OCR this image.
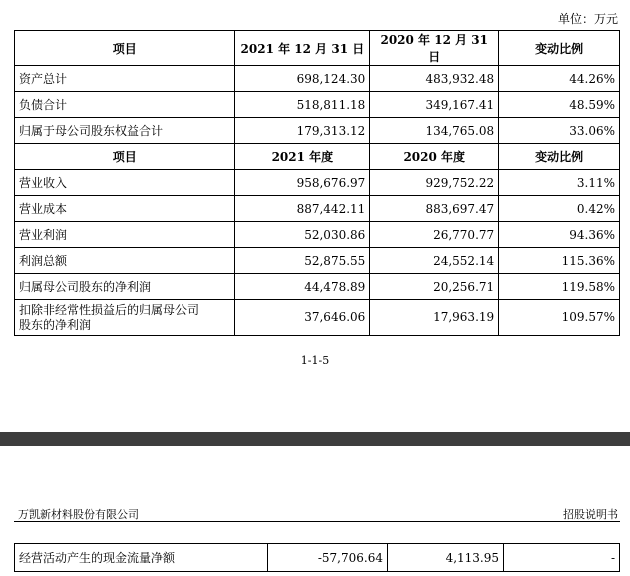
单位：万元
项目	2021 年 12 月 31 日	2020 年 12 月 31 日	变动比例
资产总计	698,124.30	483,932.48	44.26%
负债合计	518,811.18	349,167.41	48.59%
归属于母公司股东权益合计	179,313.12	134,765.08	33.06%
项目	2021 年度	2020 年度	变动比例
营业收入	958,676.97	929,752.22	3.11%
营业成本	887,442.11	883,697.47	0.42%
营业利润	52,030.86	26,770.77	94.36%
利润总额	52,875.55	24,552.14	115.36%
归属母公司股东的净利润	44,478.89	20,256.71	119.58%

扣除非经常性损益后的归属母公司
股东的净利润	37,646.06	17,963.19	109.57%
1-1-5
万凯新材料股份有限公司	招股说明书
经营活动产生的现金流量净额	-57,706.64	4,113.95	-
